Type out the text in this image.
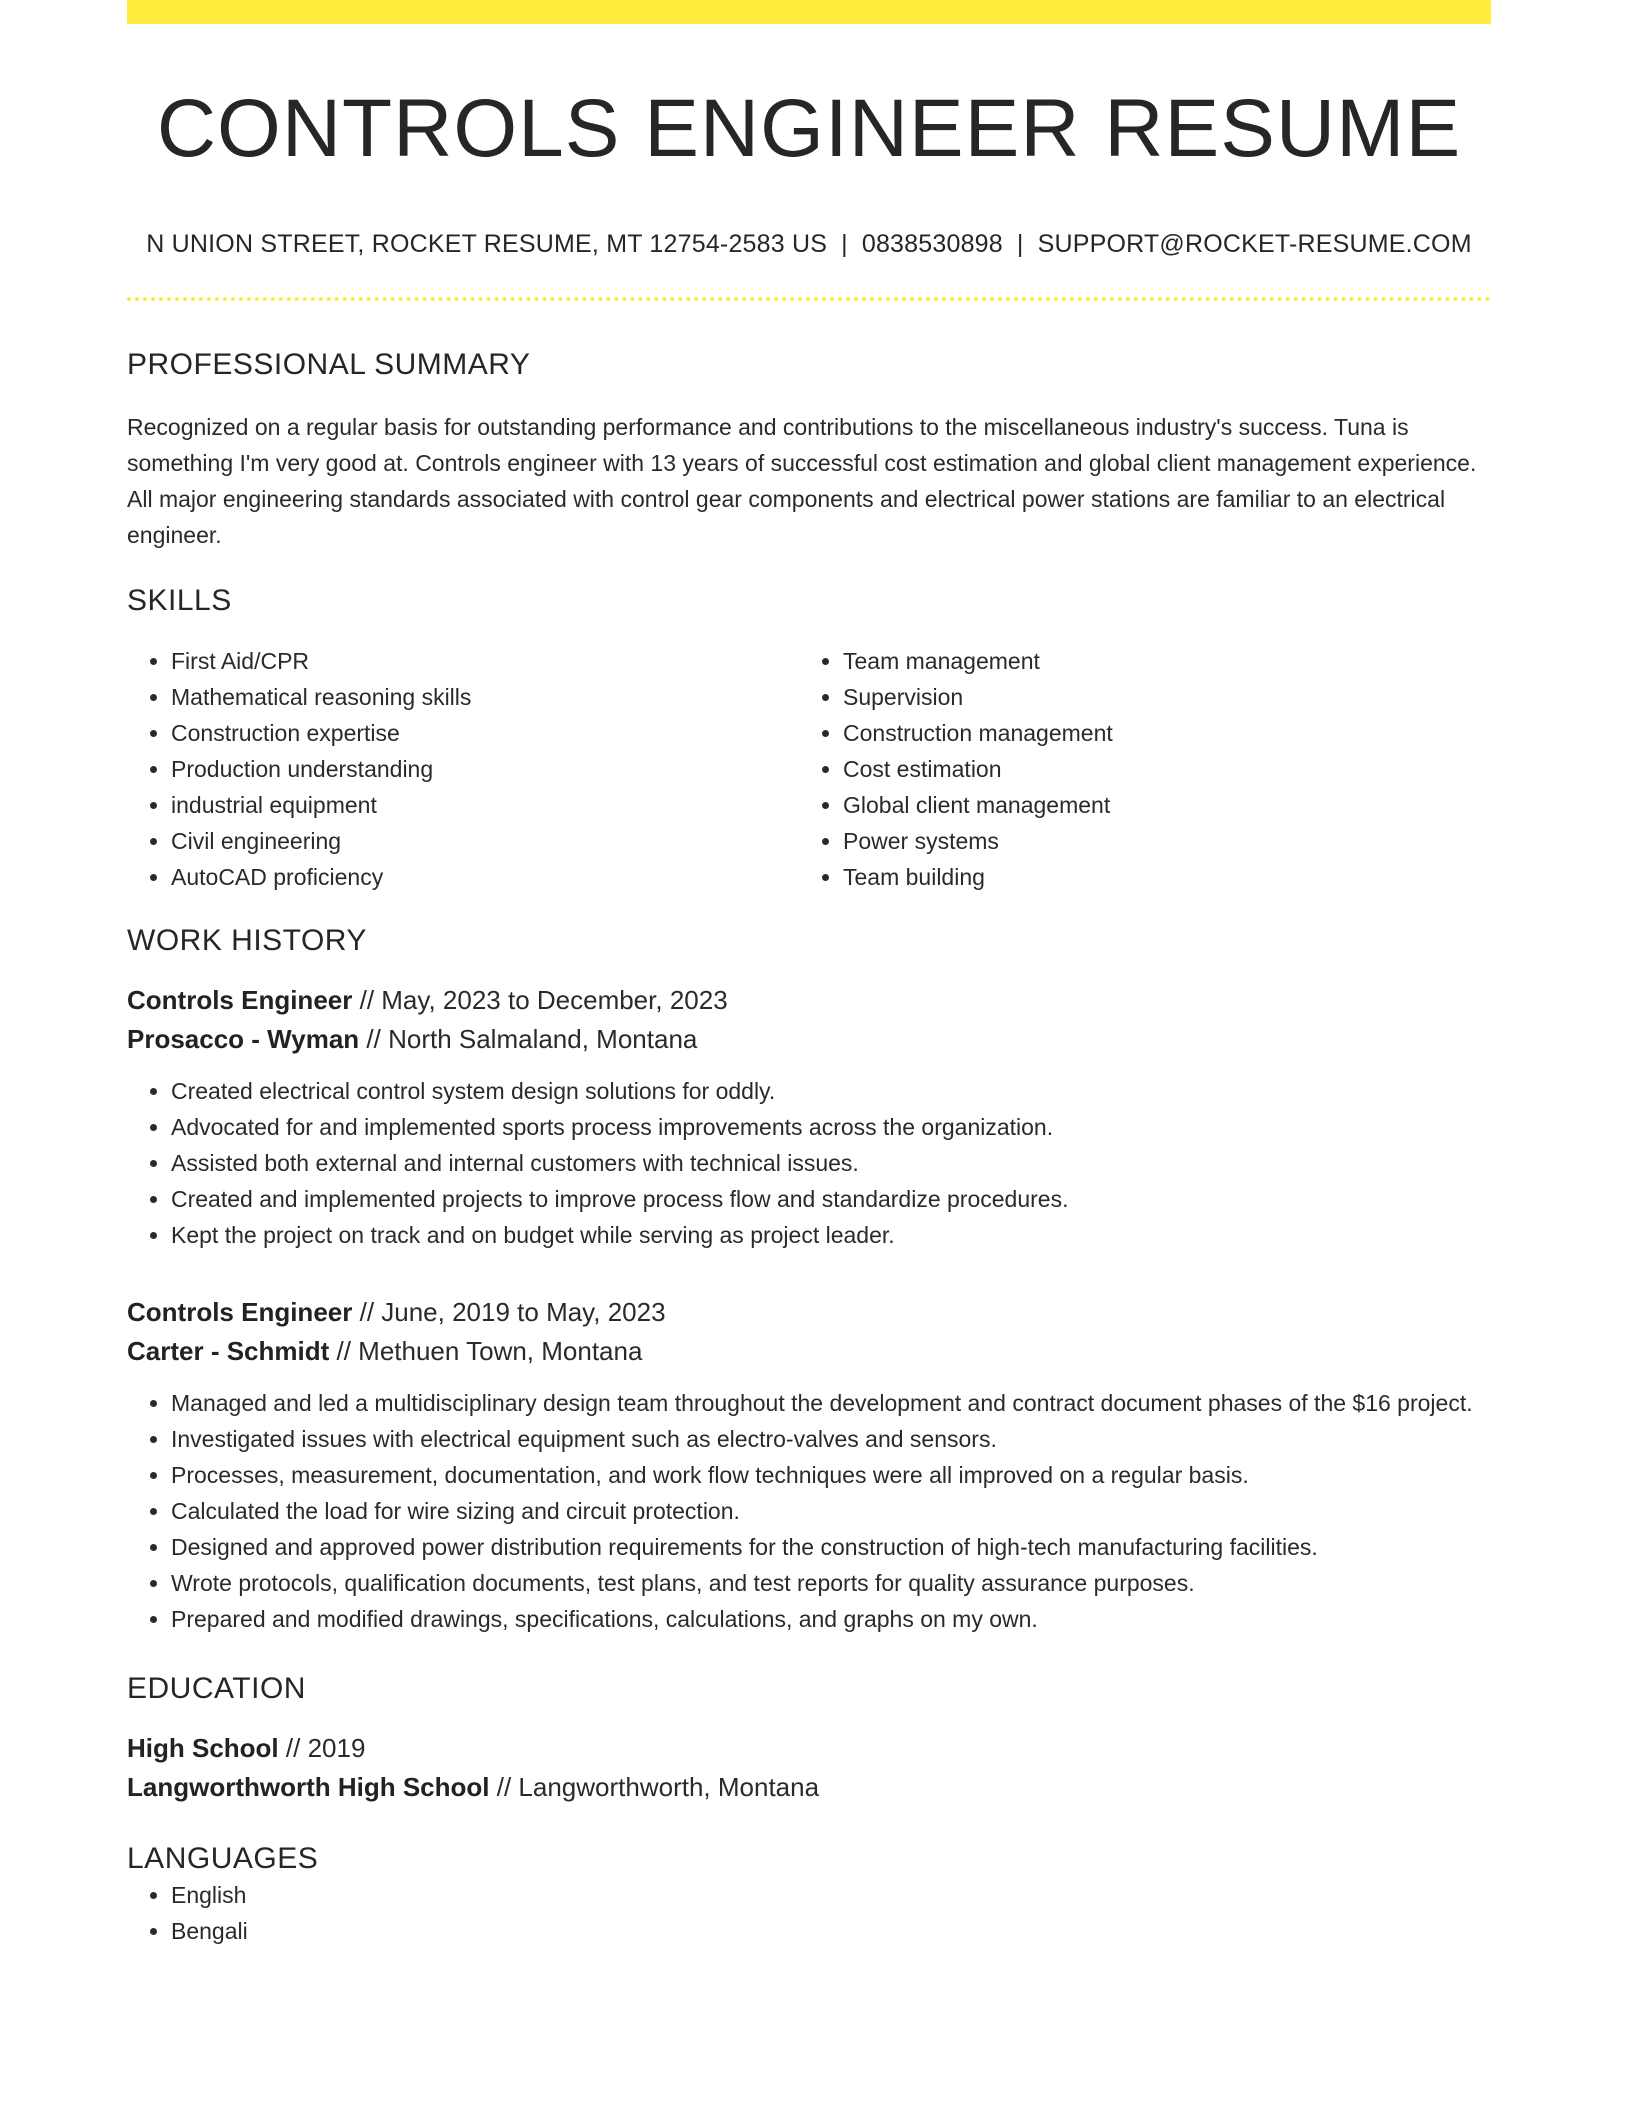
CONTROLS ENGINEER RESUME
N UNION STREET, ROCKET RESUME, MT 12754-2583 US | 0838530898 | SUPPORT@ROCKET-RESUME.COM
PROFESSIONAL SUMMARY

Recognized on a regular basis for outstanding performance and contributions to the miscellaneous industry's success. Tuna is something I'm very good at. Controls engineer with 13 years of successful cost estimation and global client management experience. All major engineering standards associated with control gear components and electrical power stations are familiar to an electrical engineer.

SKILLS
• First Aid/CPR
• Mathematical reasoning skills
• Construction expertise
• Production understanding
• industrial equipment
• Civil engineering
• AutoCAD proficiency
• Team management
• Supervision
• Construction management
• Cost estimation
• Global client management
• Power systems
• Team building
WORK HISTORY
Controls Engineer // May, 2023 to December, 2023
Prosacco - Wyman // North Salmaland, Montana
• Created electrical control system design solutions for oddly.
• Advocated for and implemented sports process improvements across the organization.
• Assisted both external and internal customers with technical issues.
• Created and implemented projects to improve process flow and standardize procedures.
• Kept the project on track and on budget while serving as project leader.
Controls Engineer // June, 2019 to May, 2023
Carter - Schmidt // Methuen Town, Montana
• Managed and led a multidisciplinary design team throughout the development and contract document phases of the $16 project.
• Investigated issues with electrical equipment such as electro-valves and sensors.
• Processes, measurement, documentation, and work flow techniques were all improved on a regular basis.
• Calculated the load for wire sizing and circuit protection.
• Designed and approved power distribution requirements for the construction of high-tech manufacturing facilities.
• Wrote protocols, qualification documents, test plans, and test reports for quality assurance purposes.
• Prepared and modified drawings, specifications, calculations, and graphs on my own.
EDUCATION
High School // 2019
Langworthworth High School // Langworthworth, Montana
LANGUAGES
• English
• Bengali
